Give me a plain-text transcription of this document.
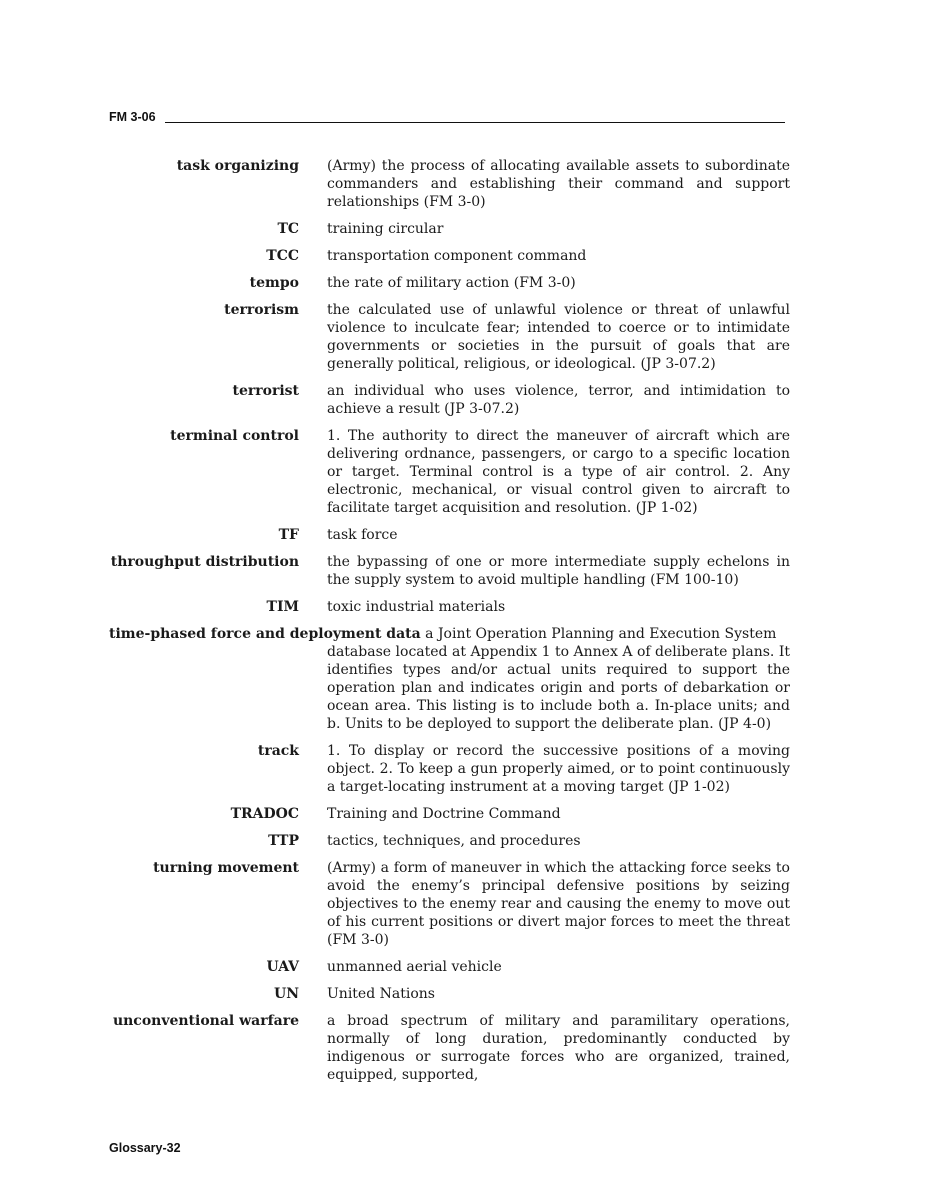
FM 3-06
task organizing (Army) the process of allocating available assets to subordinate commanders and establishing their command and support relationships (FM 3-0)
TC training circular
TCC transportation component command
tempo the rate of military action (FM 3-0)
terrorism the calculated use of unlawful violence or threat of unlawful violence to inculcate fear; intended to coerce or to intimidate governments or societies in the pursuit of goals that are generally political, religious, or ideological. (JP 3-07.2)
terrorist an individual who uses violence, terror, and intimidation to achieve a result (JP 3-07.2)
terminal control 1. The authority to direct the maneuver of aircraft which are delivering ordnance, passengers, or cargo to a specific location or target. Terminal control is a type of air control. 2. Any electronic, mechanical, or visual control given to aircraft to facilitate target acquisition and resolution. (JP 1-02)
TF task force
throughput distribution the bypassing of one or more intermediate supply echelons in the supply system to avoid multiple handling (FM 100-10)
TIM toxic industrial materials
time-phased force and deployment data a Joint Operation Planning and Execution System
database located at Appendix 1 to Annex A of deliberate plans. It identifies types and/or actual units required to support the operation plan and indicates origin and ports of debarkation or ocean area. This listing is to include both a. In-place units; and b. Units to be deployed to support the deliberate plan. (JP 4-0)
track 1. To display or record the successive positions of a moving object. 2. To keep a gun properly aimed, or to point continuously a target-locating instrument at a moving target (JP 1-02)
TRADOC Training and Doctrine Command
TTP tactics, techniques, and procedures
turning movement (Army) a form of maneuver in which the attacking force seeks to avoid the enemy’s principal defensive positions by seizing objectives to the enemy rear and causing the enemy to move out of his current positions or divert major forces to meet the threat (FM 3-0)
UAV unmanned aerial vehicle
UN United Nations
unconventional warfare a broad spectrum of military and paramilitary operations, normally of long duration, predominantly conducted by indigenous or surrogate forces who are organized, trained, equipped, supported,
Glossary-32
